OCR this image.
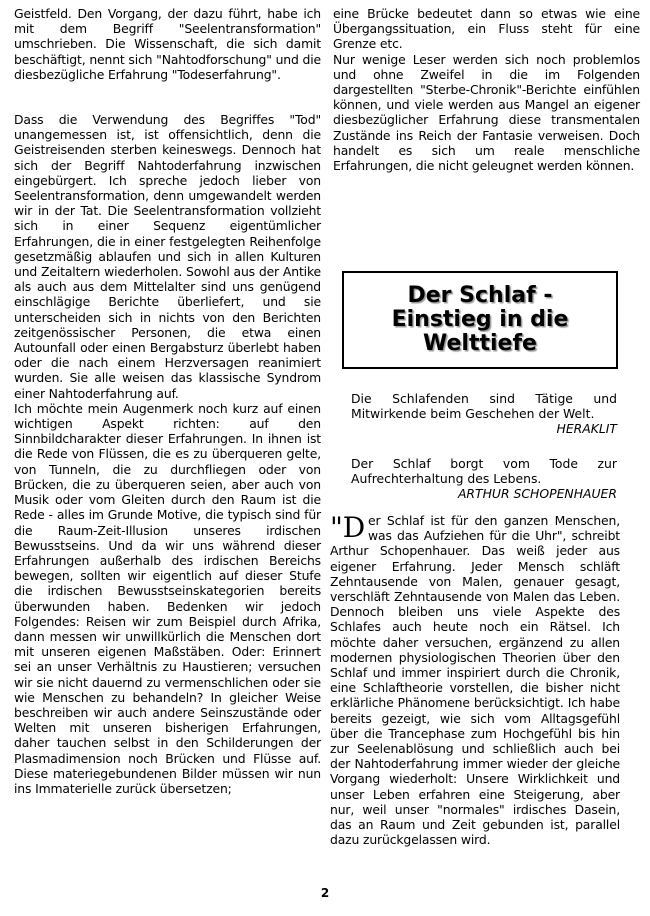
Geistfeld. Den Vorgang, der dazu führt, habe ich mit dem Begriff "Seelentransformation" umschrieben. Die Wissenschaft, die sich damit beschäftigt, nennt sich "Nahtodforschung" und die diesbezügliche Erfahrung "Todeserfahrung".

Dass die Verwendung des Begriffes "Tod" unangemessen ist, ist offensichtlich, denn die Geistreisenden sterben keineswegs. Dennoch hat sich der Begriff Nahtoderfahrung inzwischen eingebürgert. Ich spreche jedoch lieber von Seelentransformation, denn umgewandelt werden wir in der Tat. Die Seelentransformation vollzieht sich in einer Sequenz eigentümlicher Erfahrungen, die in einer festgelegten Reihenfolge gesetzmäßig ablaufen und sich in allen Kulturen und Zeitaltern wiederholen. Sowohl aus der Antike als auch aus dem Mittelalter sind uns genügend einschlägige Berichte überliefert, und sie unterscheiden sich in nichts von den Berichten zeitgenössischer Personen, die etwa einen Autounfall oder einen Bergabsturz überlebt haben oder die nach einem Herzversagen reanimiert wurden. Sie alle weisen das klassische Syndrom einer Nahtoderfahrung auf.

Ich möchte mein Augenmerk noch kurz auf einen wichtigen Aspekt richten: auf den Sinnbildcharakter dieser Erfahrungen. In ihnen ist die Rede von Flüssen, die es zu überqueren gelte, von Tunneln, die zu durchfliegen oder von Brücken, die zu überqueren seien, aber auch von Musik oder vom Gleiten durch den Raum ist die Rede - alles im Grunde Motive, die typisch sind für die Raum-Zeit-Illusion unseres irdischen Bewusstseins. Und da wir uns während dieser Erfahrungen außerhalb des irdischen Bereichs bewegen, sollten wir eigentlich auf dieser Stufe die irdischen Bewusstseinskategorien bereits überwunden haben. Bedenken wir jedoch Folgendes: Reisen wir zum Beispiel durch Afrika, dann messen wir unwillkürlich die Menschen dort mit unseren eigenen Maßstäben. Oder: Erinnert sei an unser Verhältnis zu Haustieren; versuchen wir sie nicht dauernd zu vermenschlichen oder sie wie Menschen zu behandeln? In gleicher Weise beschreiben wir auch andere Seinszustände oder Welten mit unseren bisherigen Erfahrungen, daher tauchen selbst in den Schilderungen der Plasmadimension noch Brücken und Flüsse auf. Diese materiegebundenen Bilder müssen wir nun ins Immaterielle zurück übersetzen;

eine Brücke bedeutet dann so etwas wie eine Übergangssituation, ein Fluss steht für eine Grenze etc.

Nur wenige Leser werden sich noch problemlos und ohne Zweifel in die im Folgenden dargestellten "Sterbe-Chronik"-Berichte einfühlen können, und viele werden aus Mangel an eigener diesbezüglicher Erfahrung diese transmentalen Zustände ins Reich der Fantasie verweisen. Doch handelt es sich um reale menschliche Erfahrungen, die nicht geleugnet werden können.

Der Schlaf -
Einstieg in die
Welttiefe

Die Schlafenden sind Tätige und Mitwirkende beim Geschehen der Welt.

HERAKLIT

Der Schlaf borgt vom Tode zur Aufrechterhaltung des Lebens.

ARTHUR SCHOPENHAUER

"Der Schlaf ist für den ganzen Menschen, was das Aufziehen für die Uhr", schreibt Arthur Schopenhauer. Das weiß jeder aus eigener Erfahrung. Jeder Mensch schläft Zehntausende von Malen, genauer gesagt, verschläft Zehntausende von Malen das Leben. Dennoch bleiben uns viele Aspekte des Schlafes auch heute noch ein Rätsel. Ich möchte daher versuchen, ergänzend zu allen modernen physiologischen Theorien über den Schlaf und immer inspiriert durch die Chronik, eine Schlaftheorie vorstellen, die bisher nicht erklärliche Phänomene berücksichtigt. Ich habe bereits gezeigt, wie sich vom Alltagsgefühl über die Trancephase zum Hochgefühl bis hin zur Seelenablösung und schließlich auch bei der Nahtoderfahrung immer wieder der gleiche Vorgang wiederholt: Unsere Wirklichkeit und unser Leben erfahren eine Steigerung, aber nur, weil unser "normales" irdisches Dasein, das an Raum und Zeit gebunden ist, parallel dazu zurückgelassen wird.

2
